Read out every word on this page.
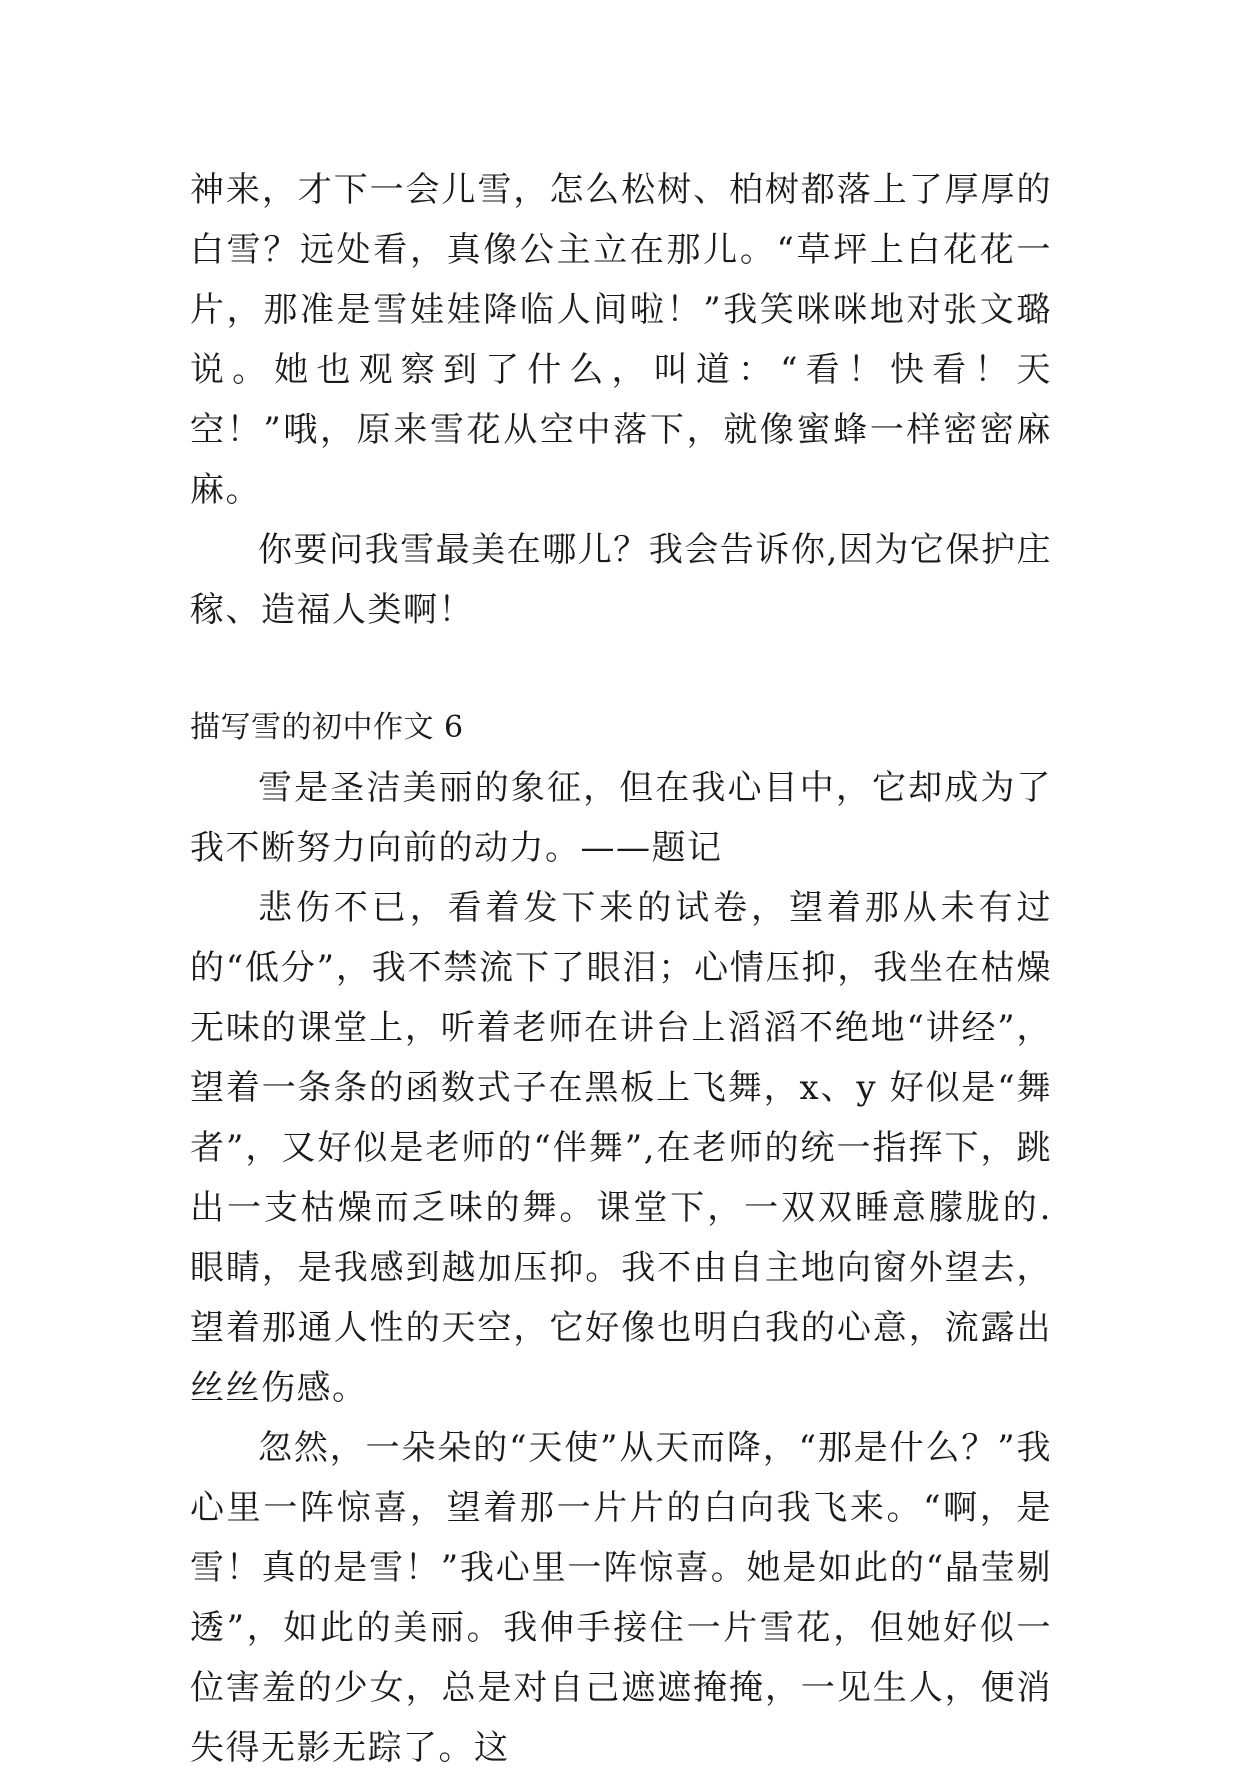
神来，才下一会儿雪，怎么松树、柏树都落上了厚厚的白雪？远处看，真像公主立在那儿。“草坪上白花花一片，那准是雪娃娃降临人间啦！”我笑咪咪地对张文璐说。她也观察到了什么，叫道：“看！快看！天空！”哦，原来雪花从空中落下，就像蜜蜂一样密密麻麻。

你要问我雪最美在哪儿？我会告诉你,因为它保护庄稼、造福人类啊！

描写雪的初中作文 6

雪是圣洁美丽的象征，但在我心目中，它却成为了我不断努力向前的动力。——题记

悲伤不已，看着发下来的试卷，望着那从未有过的“低分”，我不禁流下了眼泪；心情压抑，我坐在枯燥无味的课堂上，听着老师在讲台上滔滔不绝地“讲经”，望着一条条的函数式子在黑板上飞舞，x、y 好似是“舞者”，又好似是老师的“伴舞”,在老师的统一指挥下，跳出一支枯燥而乏味的舞。课堂下，一双双睡意朦胧的.眼睛，是我感到越加压抑。我不由自主地向窗外望去，望着那通人性的天空，它好像也明白我的心意，流露出丝丝伤感。

忽然，一朵朵的“天使”从天而降，“那是什么？”我心里一阵惊喜，望着那一片片的白向我飞来。“啊，是雪！真的是雪！”我心里一阵惊喜。她是如此的“晶莹剔透”，如此的美丽。我伸手接住一片雪花，但她好似一位害羞的少女，总是对自己遮遮掩掩，一见生人，便消失得无影无踪了。这
